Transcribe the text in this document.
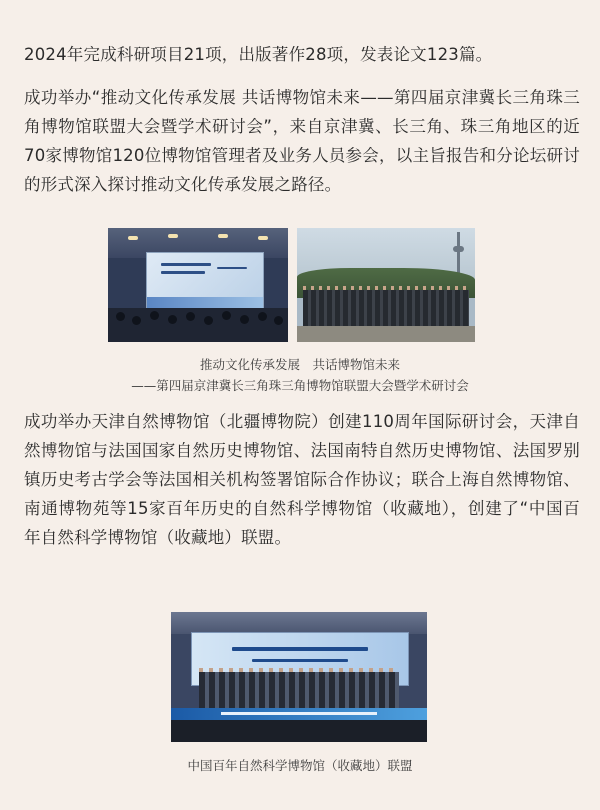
2024年完成科研项目21项，出版著作28项，发表论文123篇。

成功举办“推动文化传承发展 共话博物馆未来——第四届京津冀长三角珠三角博物馆联盟大会暨学术研讨会”，来自京津冀、长三角、珠三角地区的近70家博物馆120位博物馆管理者及业务人员参会，以主旨报告和分论坛研讨的形式深入探讨推动文化传承发展之路径。

推动文化传承发展　共话博物馆未来

——第四届京津冀长三角珠三角博物馆联盟大会暨学术研讨会

成功举办天津自然博物馆（北疆博物院）创建110周年国际研讨会，天津自然博物馆与法国国家自然历史博物馆、法国南特自然历史博物馆、法国罗别镇历史考古学会等法国相关机构签署馆际合作协议；联合上海自然博物馆、南通博物苑等15家百年历史的自然科学博物馆（收藏地），创建了“中国百年自然科学博物馆（收藏地）联盟。

中国百年自然科学博物馆（收藏地）联盟
